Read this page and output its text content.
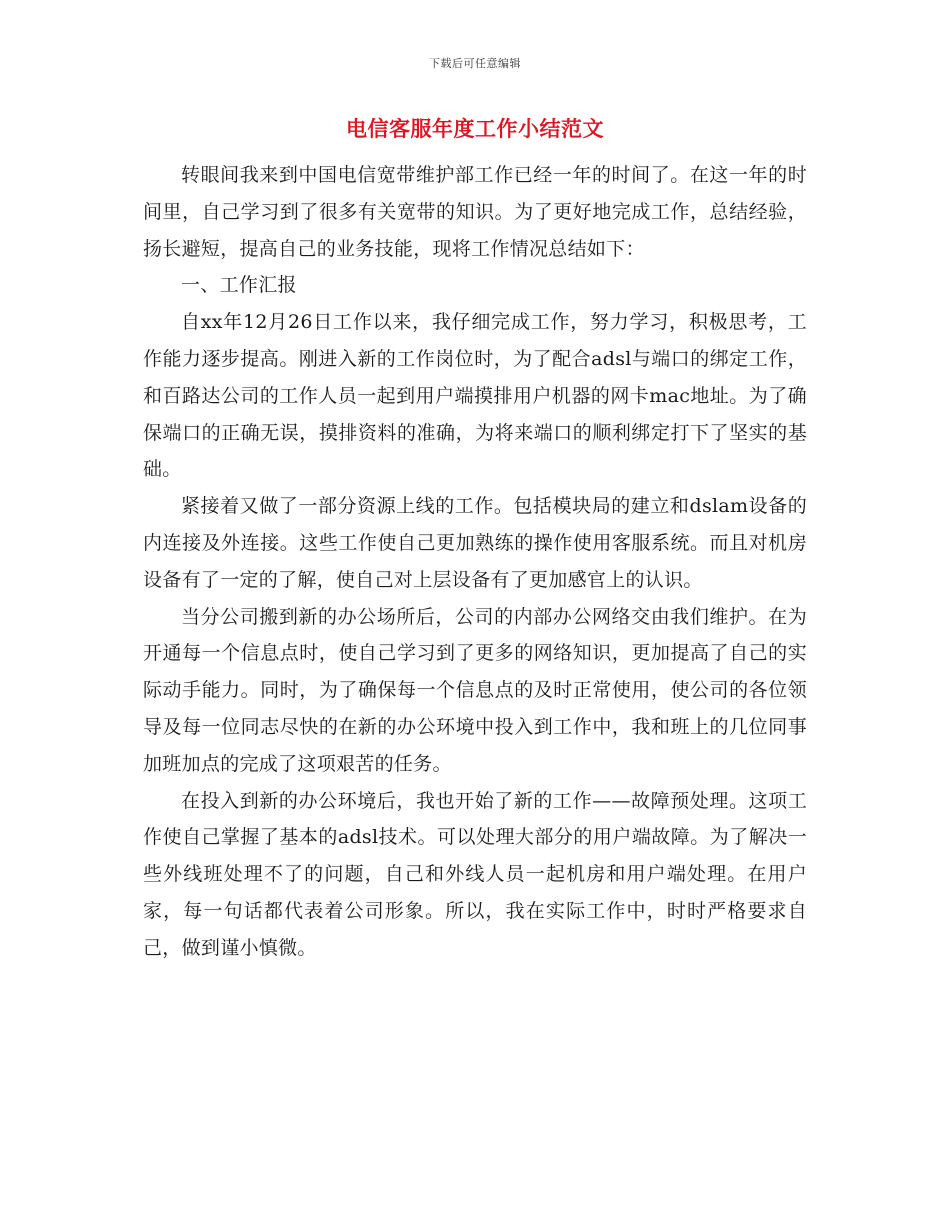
下载后可任意编辑
电信客服年度工作小结范文

转眼间我来到中国电信宽带维护部工作已经一年的时间了。在这一年的时间里，自己学习到了很多有关宽带的知识。为了更好地完成工作，总结经验，扬长避短，提高自己的业务技能，现将工作情况总结如下：

一、工作汇报

自xx年12月26日工作以来，我仔细完成工作，努力学习，积极思考，工作能力逐步提高。刚进入新的工作岗位时，为了配合adsl与端口的绑定工作，和百路达公司的工作人员一起到用户端摸排用户机器的网卡mac地址。为了确保端口的正确无误，摸排资料的准确，为将来端口的顺利绑定打下了坚实的基础。

紧接着又做了一部分资源上线的工作。包括模块局的建立和dslam设备的内连接及外连接。这些工作使自己更加熟练的操作使用客服系统。而且对机房设备有了一定的了解，使自己对上层设备有了更加感官上的认识。

当分公司搬到新的办公场所后，公司的内部办公网络交由我们维护。在为开通每一个信息点时，使自己学习到了更多的网络知识，更加提高了自己的实际动手能力。同时，为了确保每一个信息点的及时正常使用，使公司的各位领导及每一位同志尽快的在新的办公环境中投入到工作中，我和班上的几位同事加班加点的完成了这项艰苦的任务。

在投入到新的办公环境后，我也开始了新的工作——故障预处理。这项工作使自己掌握了基本的adsl技术。可以处理大部分的用户端故障。为了解决一些外线班处理不了的问题，自己和外线人员一起机房和用户端处理。在用户家，每一句话都代表着公司形象。所以，我在实际工作中，时时严格要求自己，做到谨小慎微。
